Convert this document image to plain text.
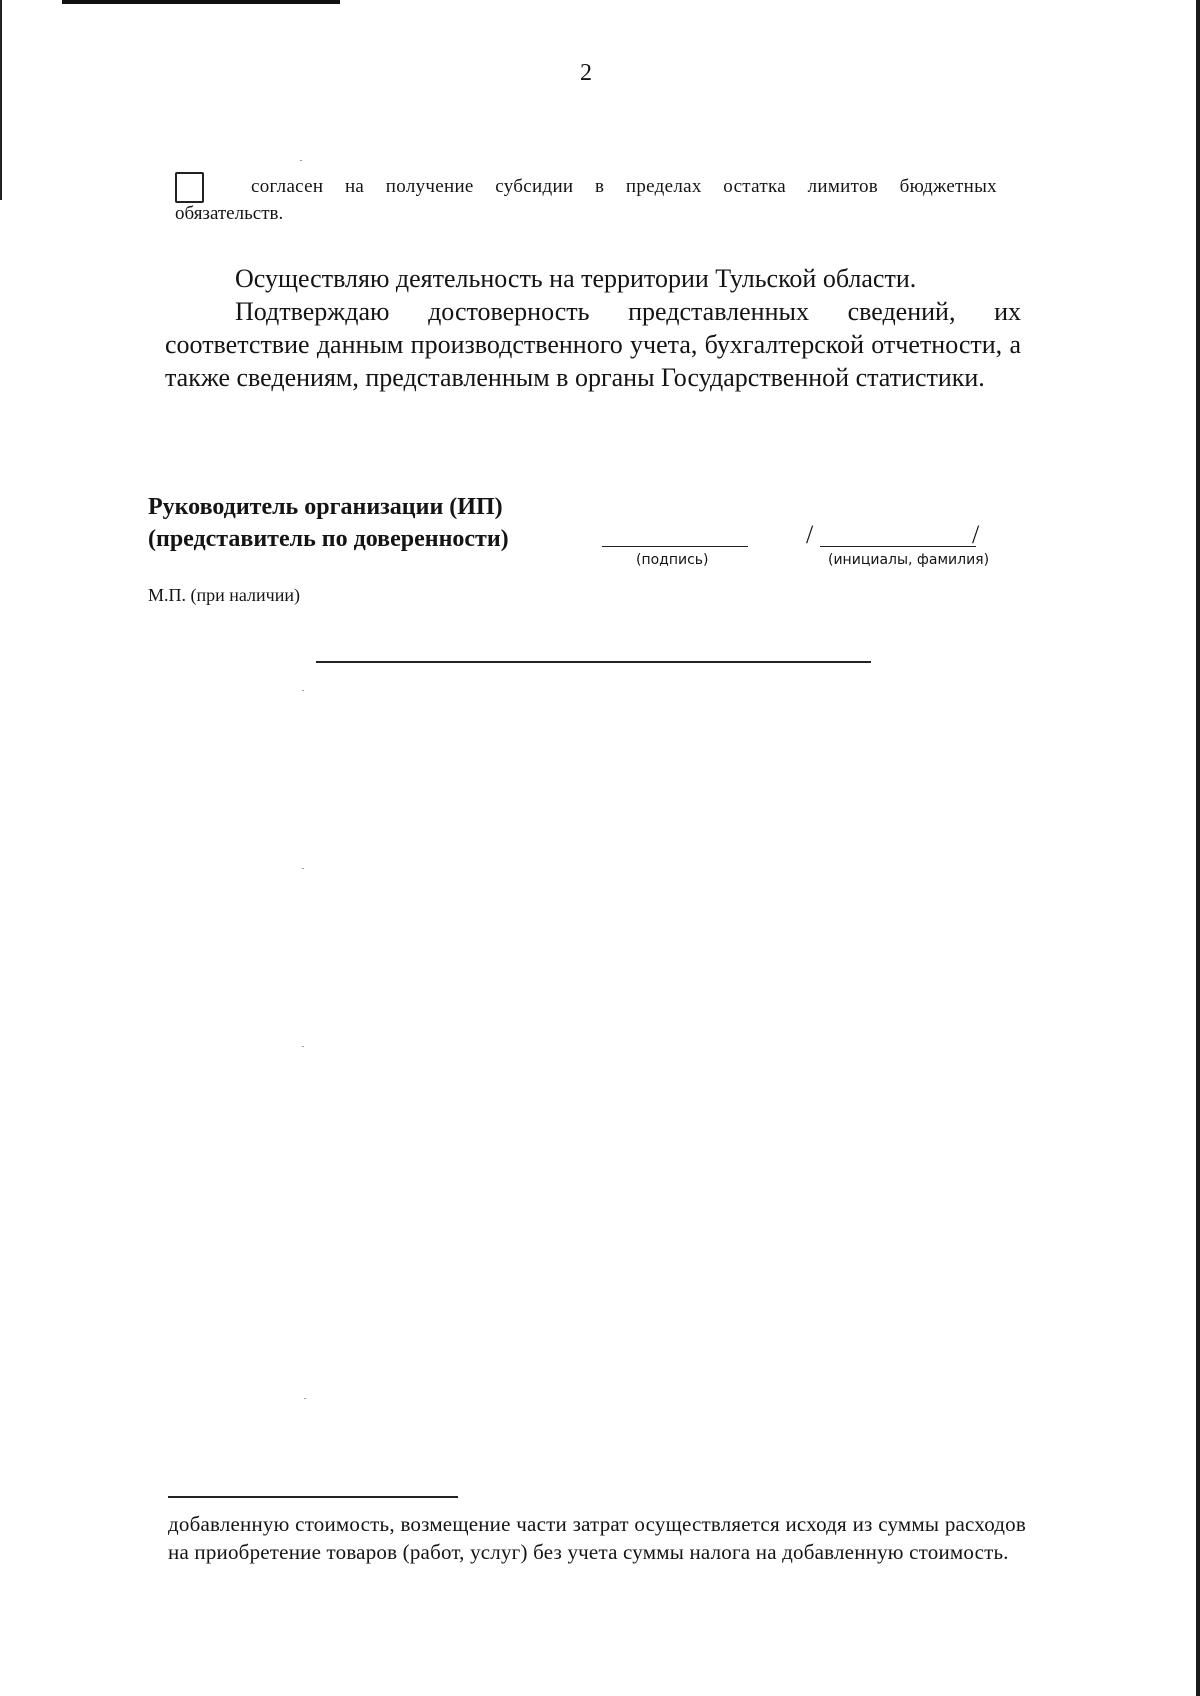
2
согласен на получение субсидии в пределах остатка лимитов бюджетных
обязательств.
Осуществляю деятельность на территории Тульской области.
Подтверждаю достоверность представленных сведений, их соответствие данным производственного учета, бухгалтерской отчетности, а также сведениям, представленным в органы Государственной статистики.
Руководитель организации (ИП)
(представитель по доверенности)
(подпись)
/	/
(инициалы, фамилия)
М.П. (при наличии)
добавленную стоимость, возмещение части затрат осуществляется исходя из суммы расходов на приобретение товаров (работ, услуг) без учета суммы налога на добавленную стоимость.
